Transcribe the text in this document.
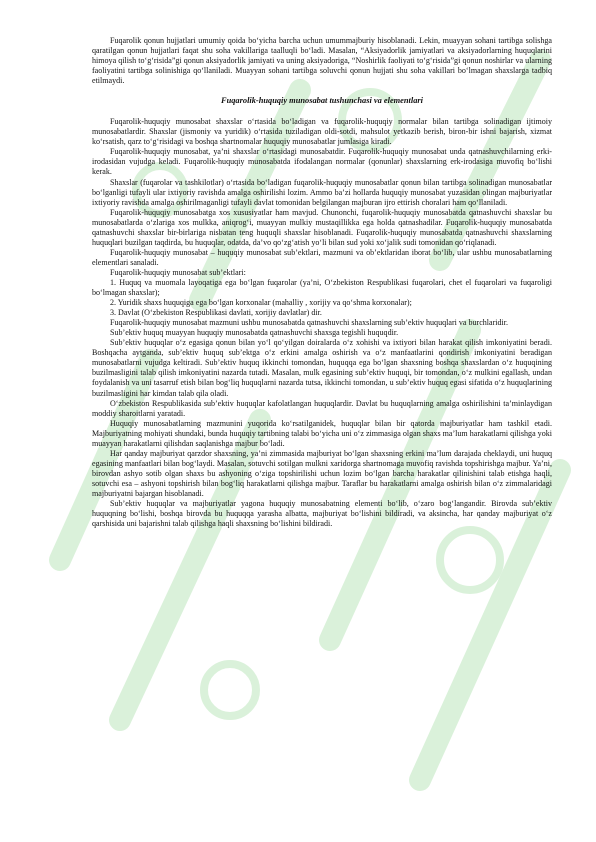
Fuqarolik qonun hujjatlari umumiy qoida bo‘yicha barcha uchun umummajburiy hisoblanadi. Lekin, muayyan sohani tartibga solishga qaratilgan qonun hujjatlari faqat shu soha vakillariga taalluqli bo‘ladi. Masalan, “Aksiyadorlik jamiyatlari va aksiyadorlarning huquqlarini himoya qilish to‘g‘risida”gi qonun aksiyadorlik jamiyati va uning aksiyadoriga, “Noshirlik faoliyati to‘g‘risida”gi qonun noshirlar va ularning faoliyatini tartibga solinishiga qo‘llaniladi. Muayyan sohani tartibga soluvchi qonun hujjati shu soha vakillari bo‘lmagan shaxslarga tadbiq etilmaydi.

Fuqarolik-huquqiy munosabat tushunchasi va elementlari

Fuqarolik-huquqiy munosabat shaxslar o‘rtasida bo‘ladigan va fuqarolik-huquqiy normalar bilan tartibga solinadigan ijtimoiy munosabatlardir. Shaxslar (jismoniy va yuridik) o‘rtasida tuziladigan oldi-sotdi, mahsulot yetkazib berish, biron-bir ishni bajarish, xizmat ko‘rsatish, qarz to‘g‘risidagi va boshqa shartnomalar huquqiy munosabatlar jumlasiga kiradi.

Fuqarolik-huquqiy munosabat, ya’ni shaxslar o‘rtasidagi munosabatdir. Fuqarolik-huquqiy munosabat unda qatnashuvchilarning erki-irodasidan vujudga keladi. Fuqarolik-huquqiy munosabatda ifodalangan normalar (qonunlar) shaxslarning erk-irodasiga muvofiq bo‘lishi kerak.

Shaxslar (fuqarolar va tashkilotlar) o‘rtasida bo‘ladigan fuqarolik-huquqiy munosabatlar qonun bilan tartibga solinadigan munosabatlar bo‘lganligi tufayli ular ixtiyoriy ravishda amalga oshirilishi lozim. Ammo ba’zi hollarda huquqiy munosabat yuzasidan olingan majburiyatlar ixtiyoriy ravishda amalga oshirilmaganligi tufayli davlat tomonidan belgilangan majburan ijro ettirish choralari ham qo‘llaniladi.

Fuqarolik-huquqiy munosabatga xos xususiyatlar ham mavjud. Chunonchi, fuqarolik-huquqiy munosabatda qatnashuvchi shaxslar bu munosabatlarda o‘zlariga xos mulkka, aniqrog‘i, muayyan mulkiy mustaqillikka ega holda qatnashadilar. Fuqarolik-huquqiy munosabatda qatnashuvchi shaxslar bir-birlariga nisbatan teng huquqli shaxslar hisoblanadi. Fuqarolik-huquqiy munosabatda qatnashuvchi shaxslarning huquqlari buzilgan taqdirda, bu huquqlar, odatda, da’vo qo‘zg‘atish yo‘li bilan sud yoki xo‘jalik sudi tomonidan qo‘riqlanadi.

Fuqarolik-huquqiy munosabat – huquqiy munosabat sub’ektlari, mazmuni va ob’ektlaridan iborat bo‘lib, ular ushbu munosabatlarning elementlari sanaladi.

Fuqarolik-huquqiy munosabat sub’ektlari:

1. Huquq va muomala layoqatiga ega bo‘lgan fuqarolar (ya’ni, O‘zbekiston Respublikasi fuqarolari, chet el fuqarolari va fuqaroligi bo‘lmagan shaxslar);

2. Yuridik shaxs huquqiga ega bo‘lgan korxonalar (mahalliy , xorijiy va qo‘shma korxonalar);

3. Davlat (O‘zbekiston Respublikasi davlati, xorijiy davlatlar) dir.

Fuqarolik-huquqiy munosabat mazmuni ushbu munosabatda qatnashuvchi shaxslarning sub’ektiv huquqlari va burchlaridir.

Sub’ektiv huquq muayyan huquqiy munosabatda qatnashuvchi shaxsga tegishli huquqdir.

Sub’ektiv huquqlar o‘z egasiga qonun bilan yo‘l qo‘yilgan doiralarda o‘z xohishi va ixtiyori bilan harakat qilish imkoniyatini beradi. Boshqacha aytganda, sub’ektiv huquq sub’ektga o‘z erkini amalga oshirish va o‘z manfaatlarini qondirish imkoniyatini beradigan munosabatlarni vujudga keltiradi. Sub’ektiv huquq ikkinchi tomondan, huquqqa ega bo‘lgan shaxsning boshqa shaxslardan o‘z huquqining buzilmasligini talab qilish imkoniyatini nazarda tutadi. Masalan, mulk egasining sub’ektiv huquqi, bir tomondan, o‘z mulkini egallash, undan foydalanish va uni tasarruf etish bilan bog‘liq huquqlarni nazarda tutsa, ikkinchi tomondan, u sub’ektiv huquq egasi sifatida o‘z huquqlarining buzilmasligini har kimdan talab qila oladi.

O‘zbekiston Respublikasida sub’ektiv huquqlar kafolatlangan huquqlardir. Davlat bu huquqlarning amalga oshirilishini ta’minlaydigan moddiy sharoitlarni yaratadi.

Huquqiy munosabatlarning mazmunini yuqorida ko‘rsatilganidek, huquqlar bilan bir qatorda majburiyatlar ham tashkil etadi. Majburiyatning mohiyati shundaki, bunda huquqiy tartibning talabi bo‘yicha uni o‘z zimmasiga olgan shaxs ma’lum harakatlarni qilishga yoki muayyan harakatlarni qilishdan saqlanishga majbur bo‘ladi.

Har qanday majburiyat qarzdor shaxsning, ya’ni zimmasida majburiyat bo‘lgan shaxsning erkini ma’lum darajada cheklaydi, uni huquq egasining manfaatlari bilan bog‘laydi. Masalan, sotuvchi sotilgan mulkni xaridorga shartnomaga muvofiq ravishda topshirishga majbur. Ya’ni, birovdan ashyo sotib olgan shaxs bu ashyoning o‘ziga topshirilishi uchun lozim bo‘lgan barcha harakatlar qilinishini talab etishga haqli, sotuvchi esa – ashyoni topshirish bilan bog‘liq harakatlarni qilishga majbur. Taraflar bu harakatlarni amalga oshirish bilan o‘z zimmalaridagi majburiyatni bajargan hisoblanadi.

Sub’ektiv huquqlar va majburiyatlar yagona huquqiy munosabatning elementi bo‘lib, o‘zaro bog‘langandir. Birovda sub’ektiv huquqning bo‘lishi, boshqa birovda bu huquqqa yarasha albatta, majburiyat bo‘lishini bildiradi, va aksincha, har qanday majburiyat o‘z qarshisida uni bajarishni talab qilishga haqli shaxsning bo‘lishini bildiradi.
